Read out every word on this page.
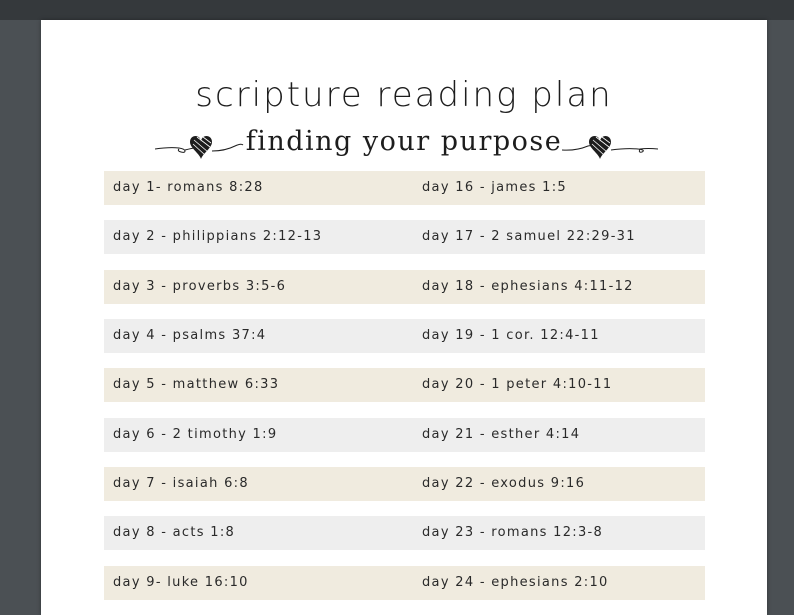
scripture reading plan
finding your purpose
day 1- romans 8:28	day 16 - james 1:5
day 2 - philippians 2:12-13	day 17 - 2 samuel 22:29-31
day 3 - proverbs 3:5-6	day 18 - ephesians 4:11-12
day 4 - psalms 37:4	day 19 - 1 cor. 12:4-11
day 5 - matthew 6:33	day 20 - 1 peter 4:10-11
day 6 - 2 timothy 1:9	day 21 - esther 4:14
day 7 - isaiah 6:8	day 22 - exodus 9:16
day 8 - acts 1:8	day 23 - romans 12:3-8
day 9- luke 16:10	day 24 - ephesians 2:10
